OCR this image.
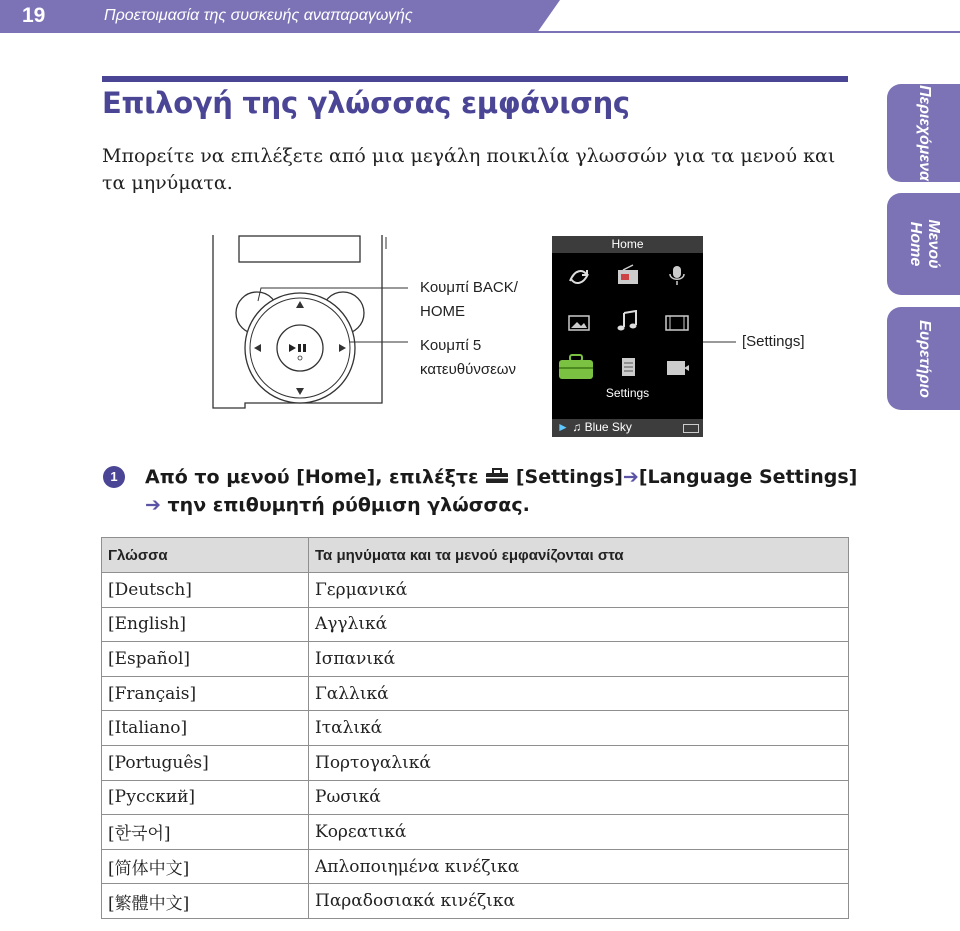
19	Προετοιμασία της συσκευής αναπαραγωγής
Επιλογή της γλώσσας εμφάνισης
Μπορείτε να επιλέξετε από μια μεγάλη ποικιλία γλωσσών για τα μενού και τα μηνύματα.
Περιεχόμενα
Μενού Home
Ευρετήριο
Κουμπί BACK/ HOME
Κουμπί 5 κατευθύνσεων
[Settings]
Home
Settings
► ♫ Blue Sky
1	Από το μενού [Home], επιλέξτε [Settings]➔[Language Settings]
➔ την επιθυμητή ρύθμιση γλώσσας.
Γλώσσα	Τα μηνύματα και τα μενού εμφανίζονται στα
[Deutsch]	Γερμανικά
[English]	Αγγλικά
[Español]	Ισπανικά
[Français]	Γαλλικά
[Italiano]	Ιταλικά
[Português]	Πορτογαλικά
[Русский]	Ρωσικά
[한국어]	Κορεατικά
[简体中文]	Απλοποιημένα κινέζικα
[繁體中文]	Παραδοσιακά κινέζικα
